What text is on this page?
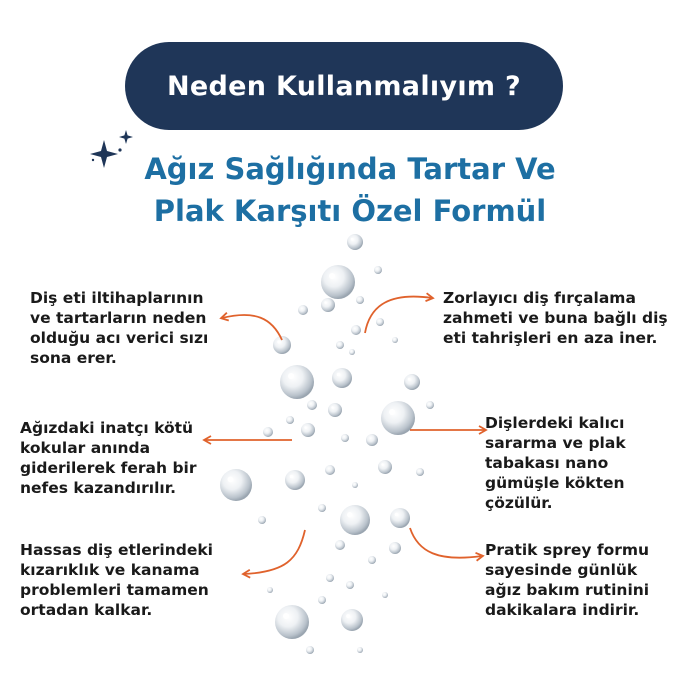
Neden Kullanmalıyım ?
Ağız Sağlığında Tartar Ve
Plak Karşıtı Özel Formül
Diş eti iltihaplarının
ve tartarların neden
olduğu acı verici sızı
sona erer.
Ağızdaki inatçı kötü
kokular anında
giderilerek ferah bir
nefes kazandırılır.
Hassas diş etlerindeki
kızarıklık ve kanama
problemleri tamamen
ortadan kalkar.
Zorlayıcı diş fırçalama
zahmeti ve buna bağlı diş
eti tahrişleri en aza iner.
Dişlerdeki kalıcı
sararma ve plak
tabakası nano
gümüşle kökten
çözülür.
Pratik sprey formu
sayesinde günlük
ağız bakım rutinini
dakikalara indirir.
